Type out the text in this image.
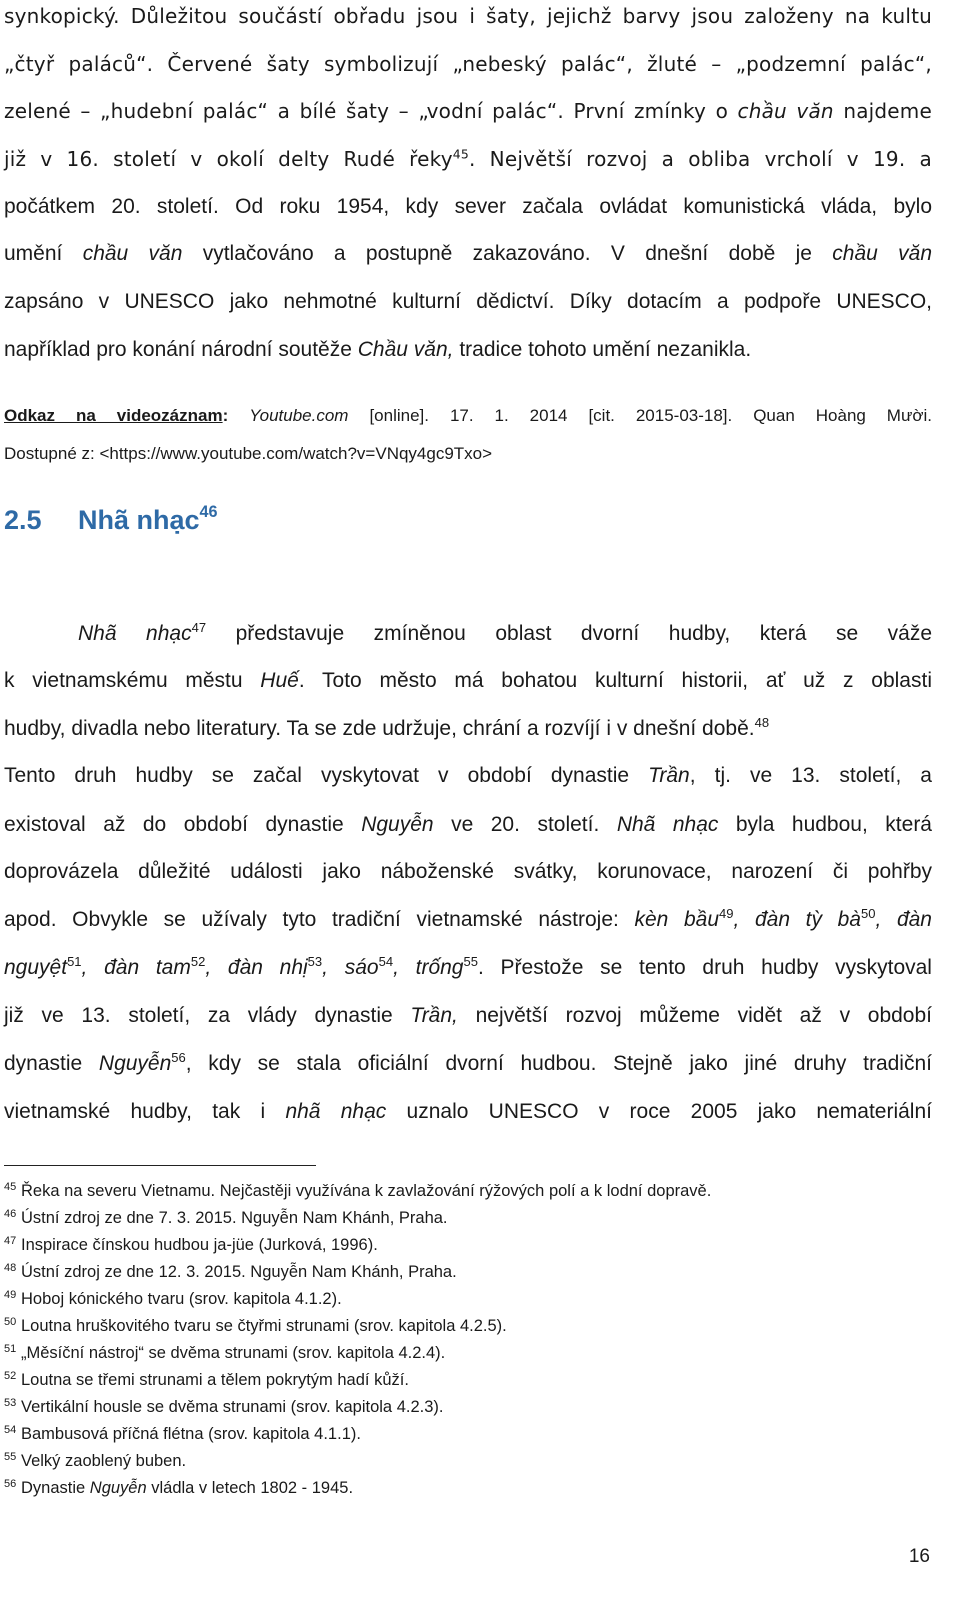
synkopický. Důležitou součástí obřadu jsou i šaty, jejichž barvy jsou založeny na kultu
„čtyř paláců“. Červené šaty symbolizují „nebeský palác“, žluté – „podzemní palác“,
zelené – „hudební palác“ a bílé šaty – „vodní palác“. První zmínky o chầu văn najdeme
již v 16. století v okolí delty Rudé řeky$^{45}$. Největší rozvoj a obliba vrcholí v 19. a
počátkem 20. století. Od roku 1954, kdy sever začala ovládat komunistická vláda, bylo
umění chầu văn vytlačováno a postupně zakazováno. V dnešní době je chầu văn
zapsáno v UNESCO jako nehmotné kulturní dědictví. Díky dotacím a podpoře UNESCO,
například pro konání národní soutěže Chầu văn, tradice tohoto umění nezanikla.
Odkaz na videozáznam: Youtube.com [online]. 17. 1. 2014 [cit. 2015-03-18]. Quan Hoàng Mười.
Dostupné z: <https://www.youtube.com/watch?v=VNqy4gc9Txo>
2.5 Nhã nhạc$^{46}$
Nhã nhạc$^{47}$ představuje zmíněnou oblast dvorní hudby, která se váže
k vietnamskému městu Huế. Toto město má bohatou kulturní historii, ať už z oblasti
hudby, divadla nebo literatury. Ta se zde udržuje, chrání a rozvíjí i v dnešní době.$^{48}$
Tento druh hudby se začal vyskytovat v období dynastie Trần, tj. ve 13. století, a
existoval až do období dynastie Nguyễn ve 20. století. Nhã nhạc byla hudbou, která
doprovázela důležité události jako náboženské svátky, korunovace, narození či pohřby
apod. Obvykle se užívaly tyto tradiční vietnamské nástroje: kèn bầu$^{49}$, đàn tỳ $bà^{50}$, đàn
nguyệt$^{51}$, đàn tam$^{52}$, đàn nhị$^{53}$, sáo$^{54}$, trống$^{55}$. Přestože se tento druh hudby vyskytoval
již ve 13. století, za vlády dynastie Trần, největší rozvoj můžeme vidět až v období
dynastie Nguyễn$^{56}$, kdy se stala oficiální dvorní hudbou. Stejně jako jiné druhy tradiční
vietnamské hudby, tak i nhã nhạc uznalo UNESCO v roce 2005 jako nemateriální
45 Řeka na severu Vietnamu. Nejčastěji využívána k zavlažování rýžových polí a k lodní dopravě.
46 Ústní zdroj ze dne 7. 3. 2015. Nguyễn Nam Khánh, Praha.
47 Inspirace čínskou hudbou ja-jüe (Jurková, 1996).
48 Ústní zdroj ze dne 12. 3. 2015. Nguyễn Nam Khánh, Praha.
49 Hoboj kónického tvaru (srov. kapitola 4.1.2).
50 Loutna hruškovitého tvaru se čtyřmi strunami (srov. kapitola 4.2.5).
51 „Měsíční nástroj“ se dvěma strunami (srov. kapitola 4.2.4).
52 Loutna se třemi strunami a tělem pokrytým hadí kůží.
53 Vertikální housle se dvěma strunami (srov. kapitola 4.2.3).
54 Bambusová příčná flétna (srov. kapitola 4.1.1).
55 Velký zaoblený buben.
56 Dynastie Nguyễn vládla v letech 1802 - 1945.
16
